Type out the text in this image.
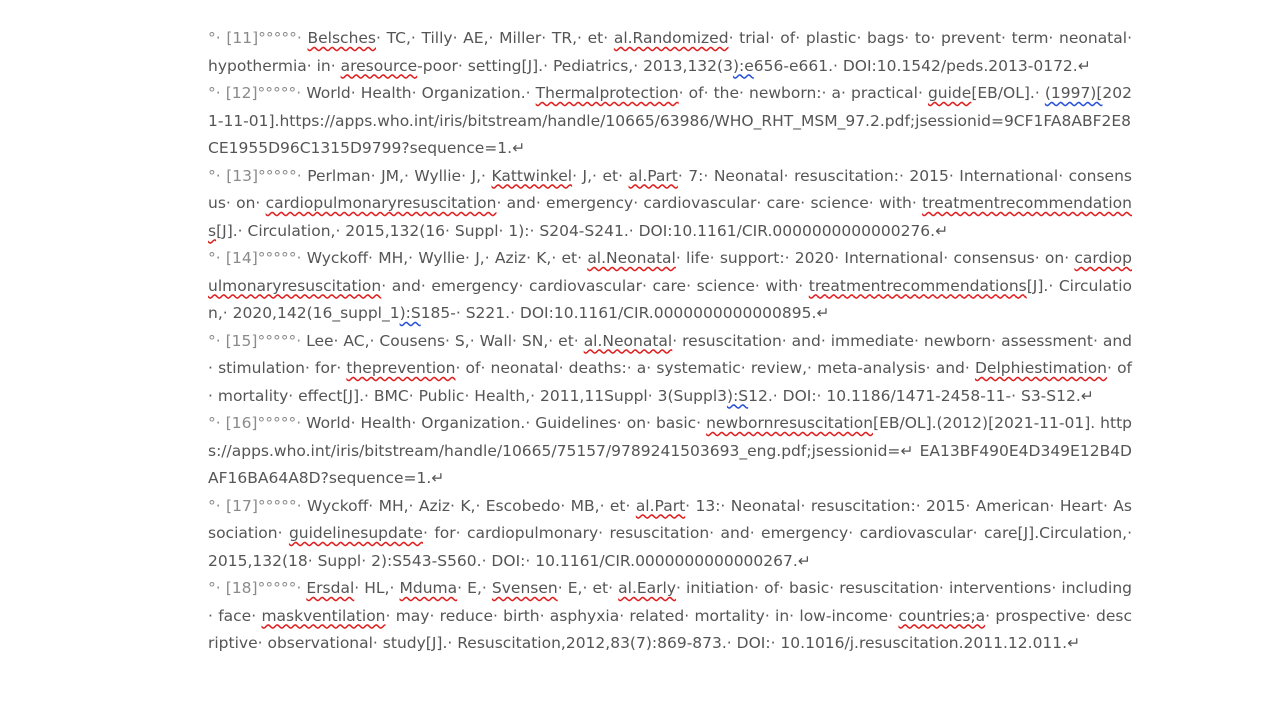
°· [11]°°°°°· Belsches· TC,· Tilly· AE,· Miller· TR,· et· al.Randomized· trial· of· plastic· bags· to· prevent· term· neonatal· hypothermia· in· aresource-poor· setting[J].· Pediatrics,· 2013,132(3):e656-e661.· DOI:10.1542/peds.2013-0172.↵

°· [12]°°°°°· World· Health· Organization.· Thermalprotection· of· the· newborn:· a· practical· guide[EB/OL].· (1997)[2021-11-01].https://apps.who.int/iris/bitstream/handle/10665/63986/WHO_RHT_MSM_97.2.pdf;jsessionid=9CF1FA8ABF2E8CE1955D96C1315D9799?sequence=1.↵

°· [13]°°°°°· Perlman· JM,· Wyllie· J,· Kattwinkel· J,· et· al.Part· 7:· Neonatal· resuscitation:· 2015· International· consensus· on· cardiopulmonaryresuscitation· and· emergency· cardiovascular· care· science· with· treatmentrecommendations[J].· Circulation,· 2015,132(16· Suppl· 1):· S204-S241.· DOI:10.1161/CIR.0000000000000276.↵

°· [14]°°°°°· Wyckoff· MH,· Wyllie· J,· Aziz· K,· et· al.Neonatal· life· support:· 2020· International· consensus· on· cardiopulmonaryresuscitation· and· emergency· cardiovascular· care· science· with· treatmentrecommendations[J].· Circulation,· 2020,142(16_suppl_1):S185-· S221.· DOI:10.1161/CIR.0000000000000895.↵

°· [15]°°°°°· Lee· AC,· Cousens· S,· Wall· SN,· et· al.Neonatal· resuscitation· and· immediate· newborn· assessment· and· stimulation· for· theprevention· of· neonatal· deaths:· a· systematic· review,· meta-analysis· and· Delphiestimation· of· mortality· effect[J].· BMC· Public· Health,· 2011,11Suppl· 3(Suppl3):S12.· DOI:· 10.1186/1471-2458-11-· S3-S12.↵

°· [16]°°°°°· World· Health· Organization.· Guidelines· on· basic· newbornresuscitation[EB/OL].(2012)[2021-11-01]. https://apps.who.int/iris/bitstream/handle/10665/75157/9789241503693_eng.pdf;jsessionid=↵ EA13BF490E4D349E12B4DAF16BA64A8D?sequence=1.↵

°· [17]°°°°°· Wyckoff· MH,· Aziz· K,· Escobedo· MB,· et· al.Part· 13:· Neonatal· resuscitation:· 2015· American· Heart· Association· guidelinesupdate· for· cardiopulmonary· resuscitation· and· emergency· cardiovascular· care[J].Circulation,· 2015,132(18· Suppl· 2):S543-S560.· DOI:· 10.1161/CIR.0000000000000267.↵

°· [18]°°°°°· Ersdal· HL,· Mduma· E,· Svensen· E,· et· al.Early· initiation· of· basic· resuscitation· interventions· including· face· maskventilation· may· reduce· birth· asphyxia· related· mortality· in· low-income· countries;a· prospective· descriptive· observational· study[J].· Resuscitation,2012,83(7):869-873.· DOI:· 10.1016/j.resuscitation.2011.12.011.↵
